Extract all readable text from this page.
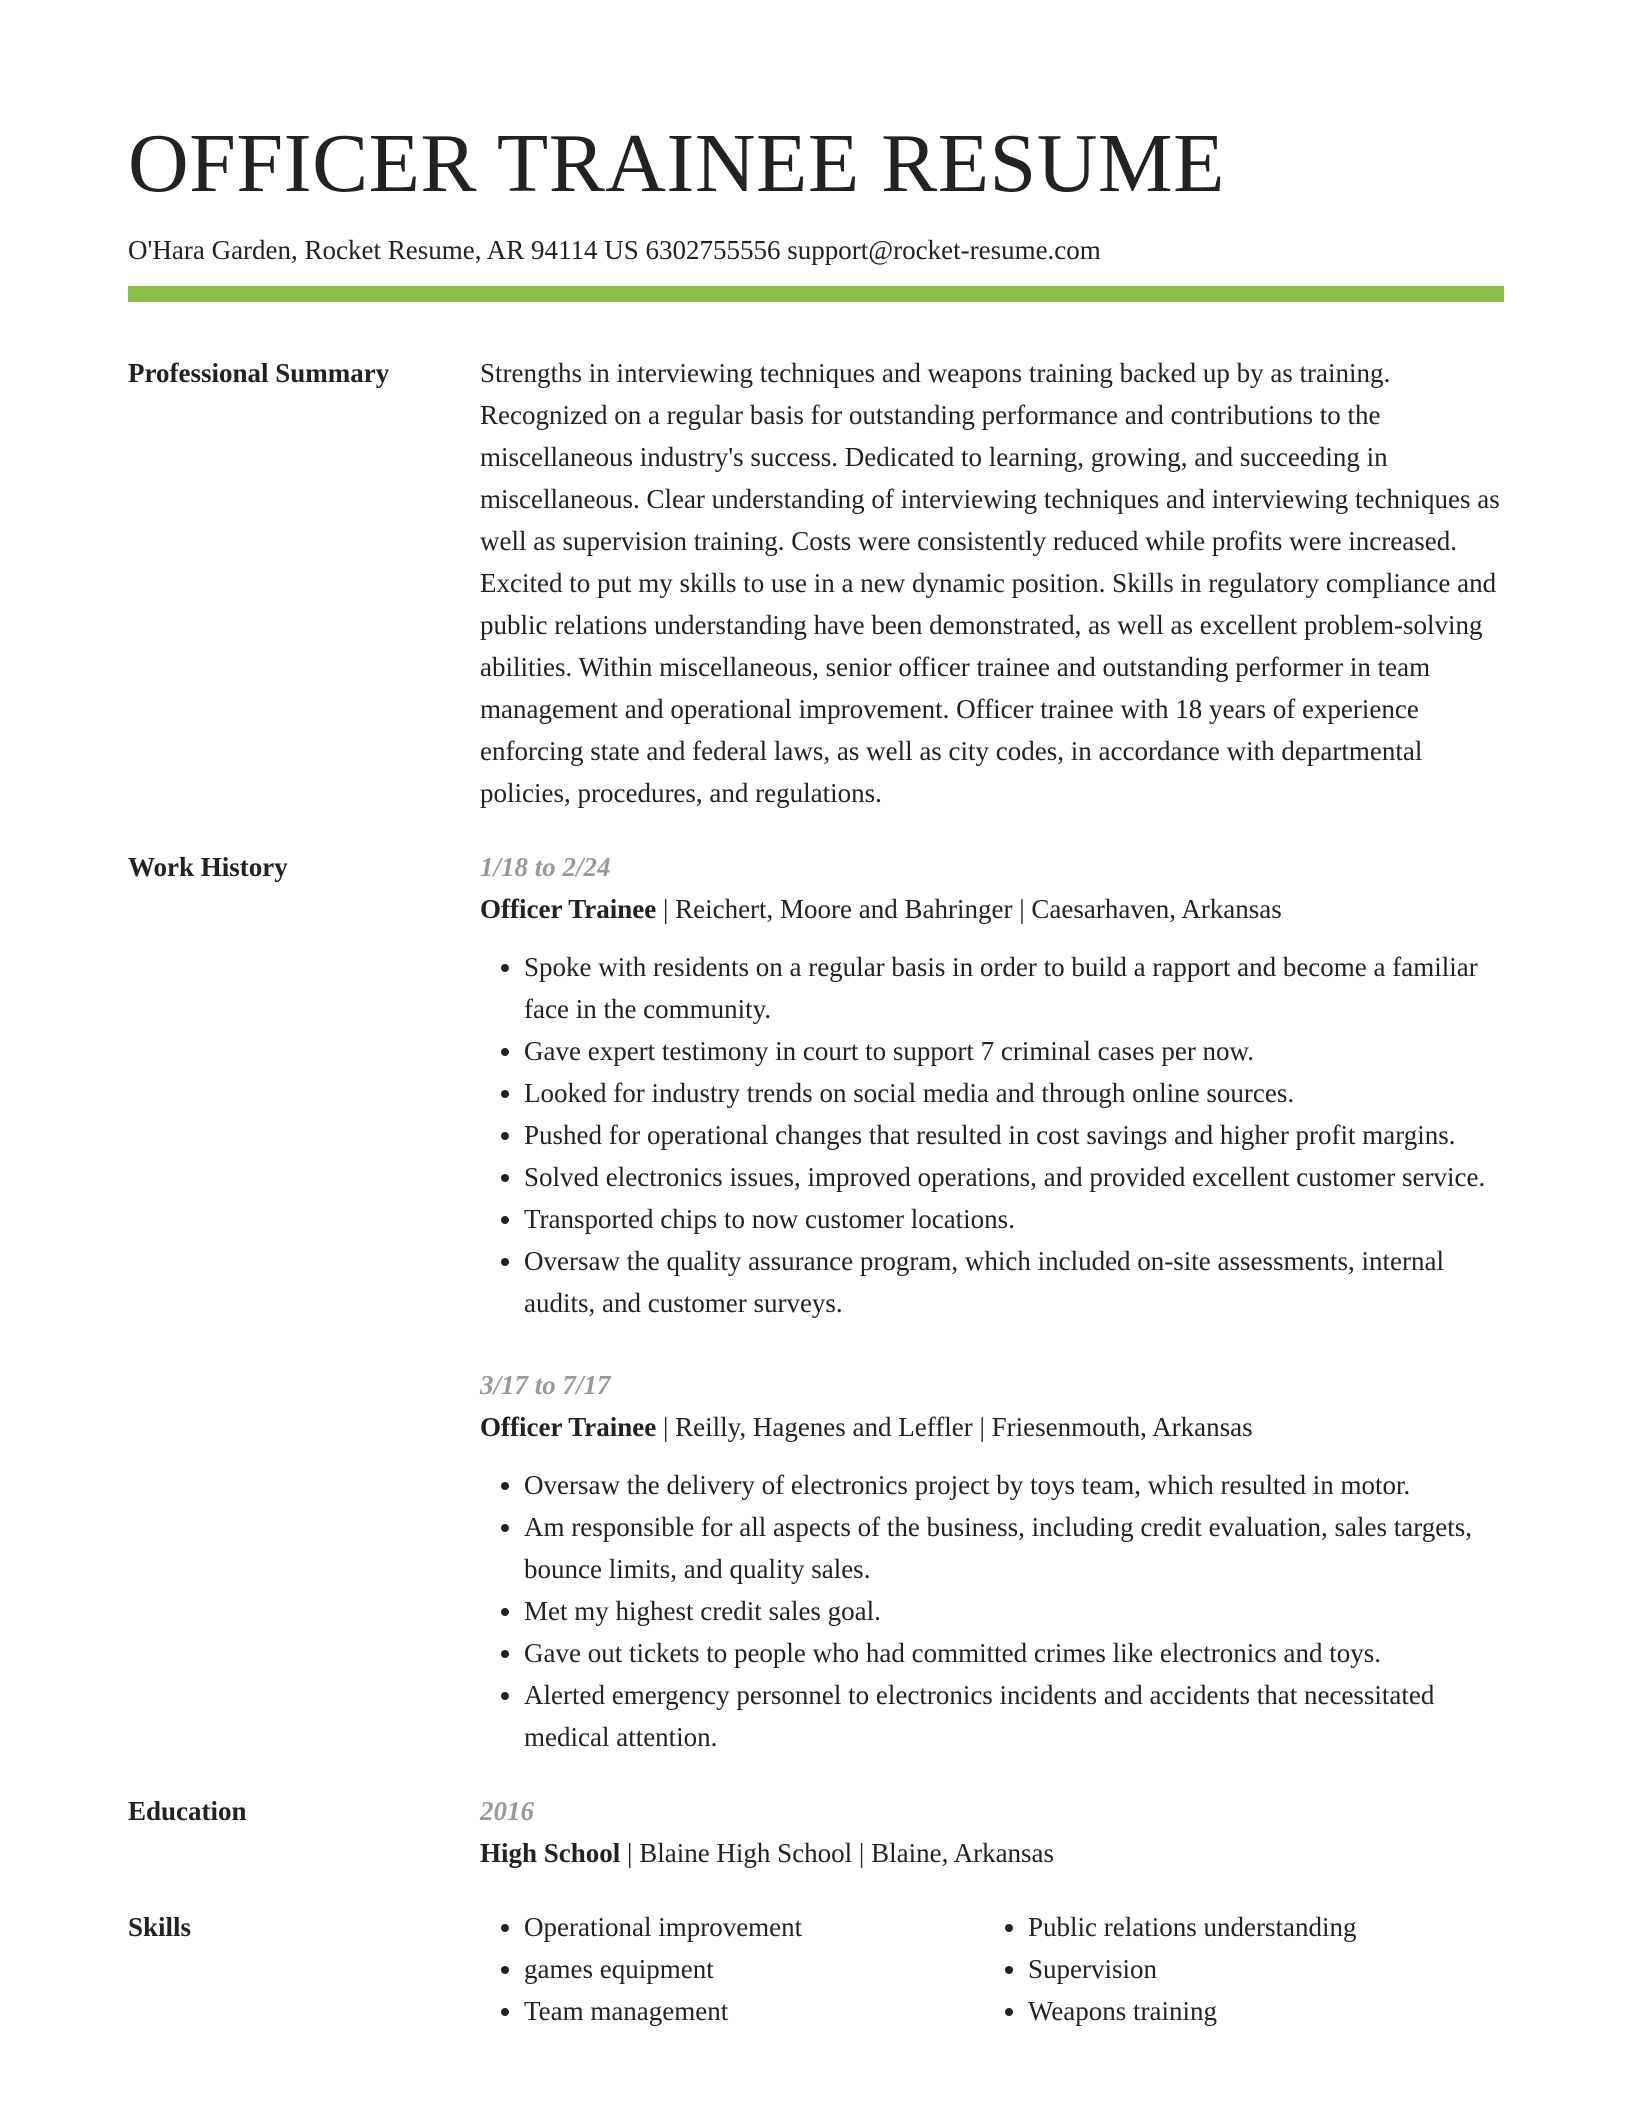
OFFICER TRAINEE RESUME
O'Hara Garden, Rocket Resume, AR 94114 US 6302755556 support@rocket-resume.com
Professional Summary	Strengths in interviewing techniques and weapons training backed up by as training. Recognized on a regular basis for outstanding performance and contributions to the miscellaneous industry's success. Dedicated to learning, growing, and succeeding in miscellaneous. Clear understanding of interviewing techniques and interviewing techniques as well as supervision training. Costs were consistently reduced while profits were increased. Excited to put my skills to use in a new dynamic position. Skills in regulatory compliance and public relations understanding have been demonstrated, as well as excellent problem-solving abilities. Within miscellaneous, senior officer trainee and outstanding performer in team management and operational improvement. Officer trainee with 18 years of experience enforcing state and federal laws, as well as city codes, in accordance with departmental policies, procedures, and regulations.
Work History	1/18 to 2/24
Officer Trainee | Reichert, Moore and Bahringer | Caesarhaven, Arkansas
• Spoke with residents on a regular basis in order to build a rapport and become a familiar face in the community.
• Gave expert testimony in court to support 7 criminal cases per now.
• Looked for industry trends on social media and through online sources.
• Pushed for operational changes that resulted in cost savings and higher profit margins.
• Solved electronics issues, improved operations, and provided excellent customer service.
• Transported chips to now customer locations.
• Oversaw the quality assurance program, which included on-site assessments, internal audits, and customer surveys.
3/17 to 7/17
Officer Trainee | Reilly, Hagenes and Leffler | Friesenmouth, Arkansas
• Oversaw the delivery of electronics project by toys team, which resulted in motor.
• Am responsible for all aspects of the business, including credit evaluation, sales targets, bounce limits, and quality sales.
• Met my highest credit sales goal.
• Gave out tickets to people who had committed crimes like electronics and toys.
• Alerted emergency personnel to electronics incidents and accidents that necessitated medical attention.
Education	2016
High School | Blaine High School | Blaine, Arkansas
Skills
•	Operational improvement
• games equipment
• Team management
• Public relations understanding
• Supervision
• Weapons training
